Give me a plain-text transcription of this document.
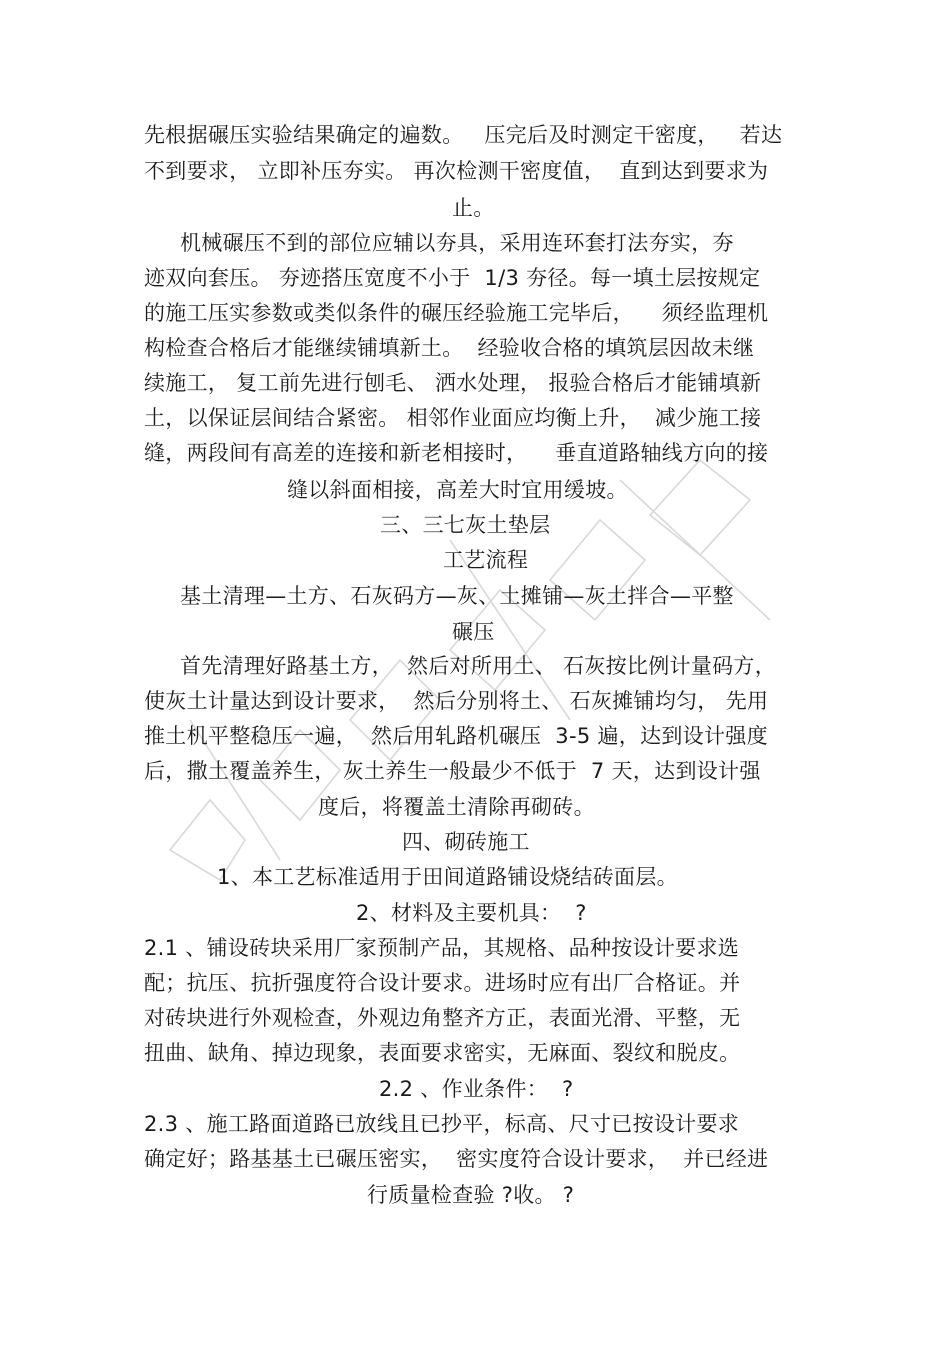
先根据碾压实验结果确定的遍数。   压完后及时测定干密度，   若达
不到要求， 立即补压夯实。 再次检测干密度值，  直到达到要求为
止。
机械碾压不到的部位应辅以夯具，采用连环套打法夯实，夯
迹双向套压。 夯迹搭压宽度不小于  1/3 夯径。每一填土层按规定
的施工压实参数或类似条件的碾压经验施工完毕后，    须经监理机
构检查合格后才能继续铺填新土。  经验收合格的填筑层因故未继
续施工， 复工前先进行刨毛、 洒水处理， 报验合格后才能铺填新
土，以保证层间结合紧密。 相邻作业面应均衡上升，  减少施工接
缝，两段间有高差的连接和新老相接时，    垂直道路轴线方向的接
缝以斜面相接，高差大时宜用缓坡。
三、三七灰土垫层
工艺流程
基土清理—土方、石灰码方—灰、土摊铺—灰土拌合—平整
碾压
首先清理好路基土方，  然后对所用土、 石灰按比例计量码方，
使灰土计量达到设计要求，  然后分别将土、 石灰摊铺均匀， 先用
推土机平整稳压一遍，  然后用轧路机碾压  3-5 遍，达到设计强度
后，撒土覆盖养生， 灰土养生一般最少不低于  7 天，达到设计强
度后，将覆盖土清除再砌砖。
四、砌砖施工
1、本工艺标准适用于田间道路铺设烧结砖面层。
2、材料及主要机具：  ?
2.1 、铺设砖块采用厂家预制产品，其规格、品种按设计要求选
配；抗压、抗折强度符合设计要求。进场时应有出厂合格证。并
对砖块进行外观检查，外观边角整齐方正，表面光滑、平整，无
扭曲、缺角、掉边现象，表面要求密实，无麻面、裂纹和脱皮。
2.2 、作业条件：  ?
2.3 、施工路面道路已放线且已抄平，标高、尺寸已按设计要求
确定好；路基基土已碾压密实，  密实度符合设计要求，  并已经进
行质量检查验 ?收。 ?
